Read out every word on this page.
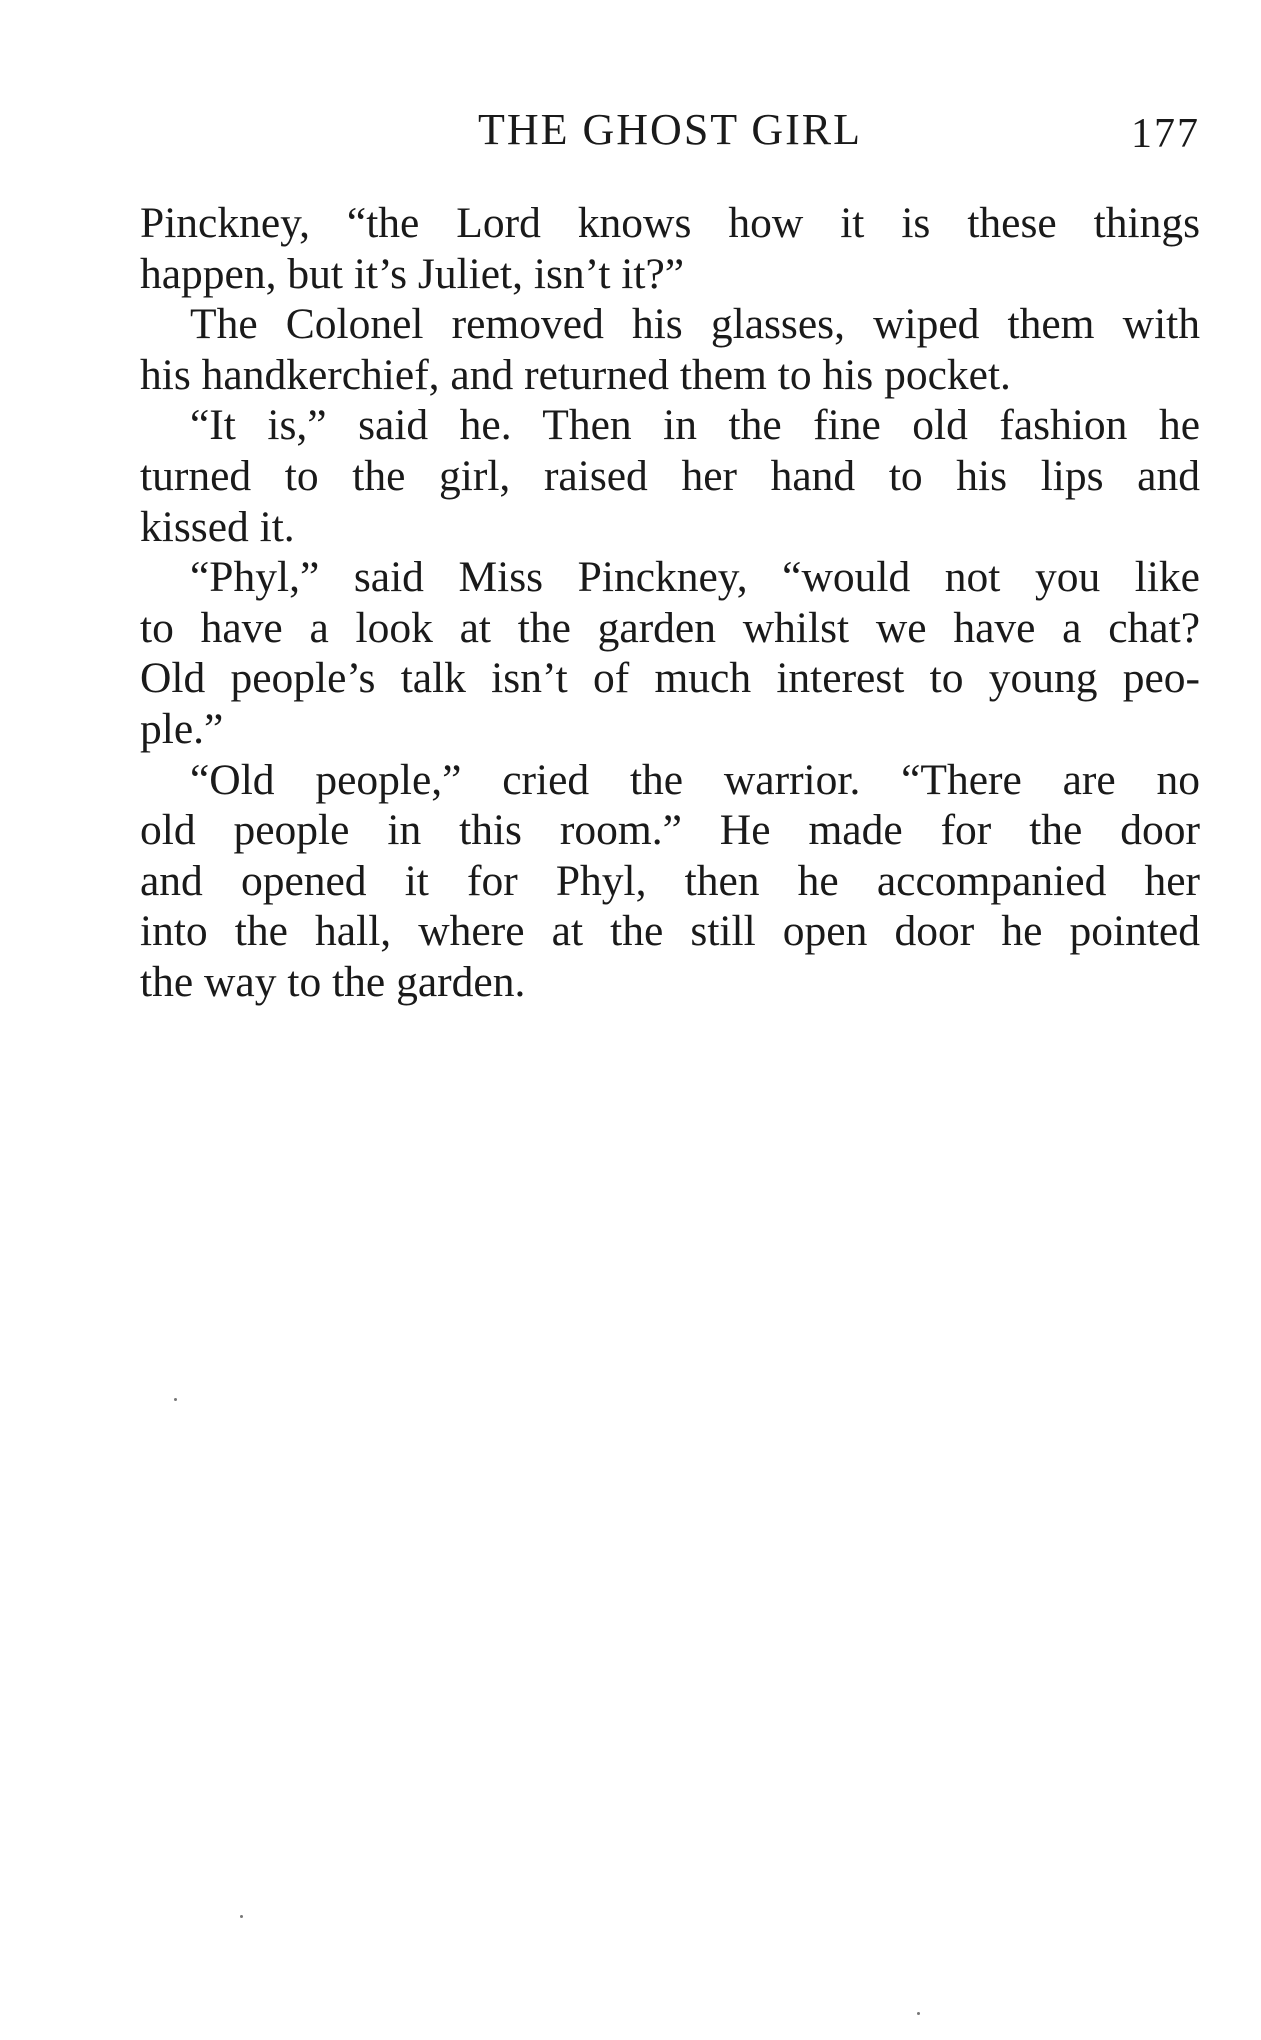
THE GHOST GIRL	177
Pinckney, “the Lord knows how it is these things
happen, but it’s Juliet, isn’t it?”
The Colonel removed his glasses, wiped them with
his handkerchief, and returned them to his pocket.
“It is,” said he. Then in the fine old fashion he
turned to the girl, raised her hand to his lips and
kissed it.
“Phyl,” said Miss Pinckney, “would not you like
to have a look at the garden whilst we have a chat?
Old people’s talk isn’t of much interest to young peo-
ple.”
“Old people,” cried the warrior. “There are no
old people in this room.” He made for the door
and opened it for Phyl, then he accompanied her
into the hall, where at the still open door he pointed
the way to the garden.
